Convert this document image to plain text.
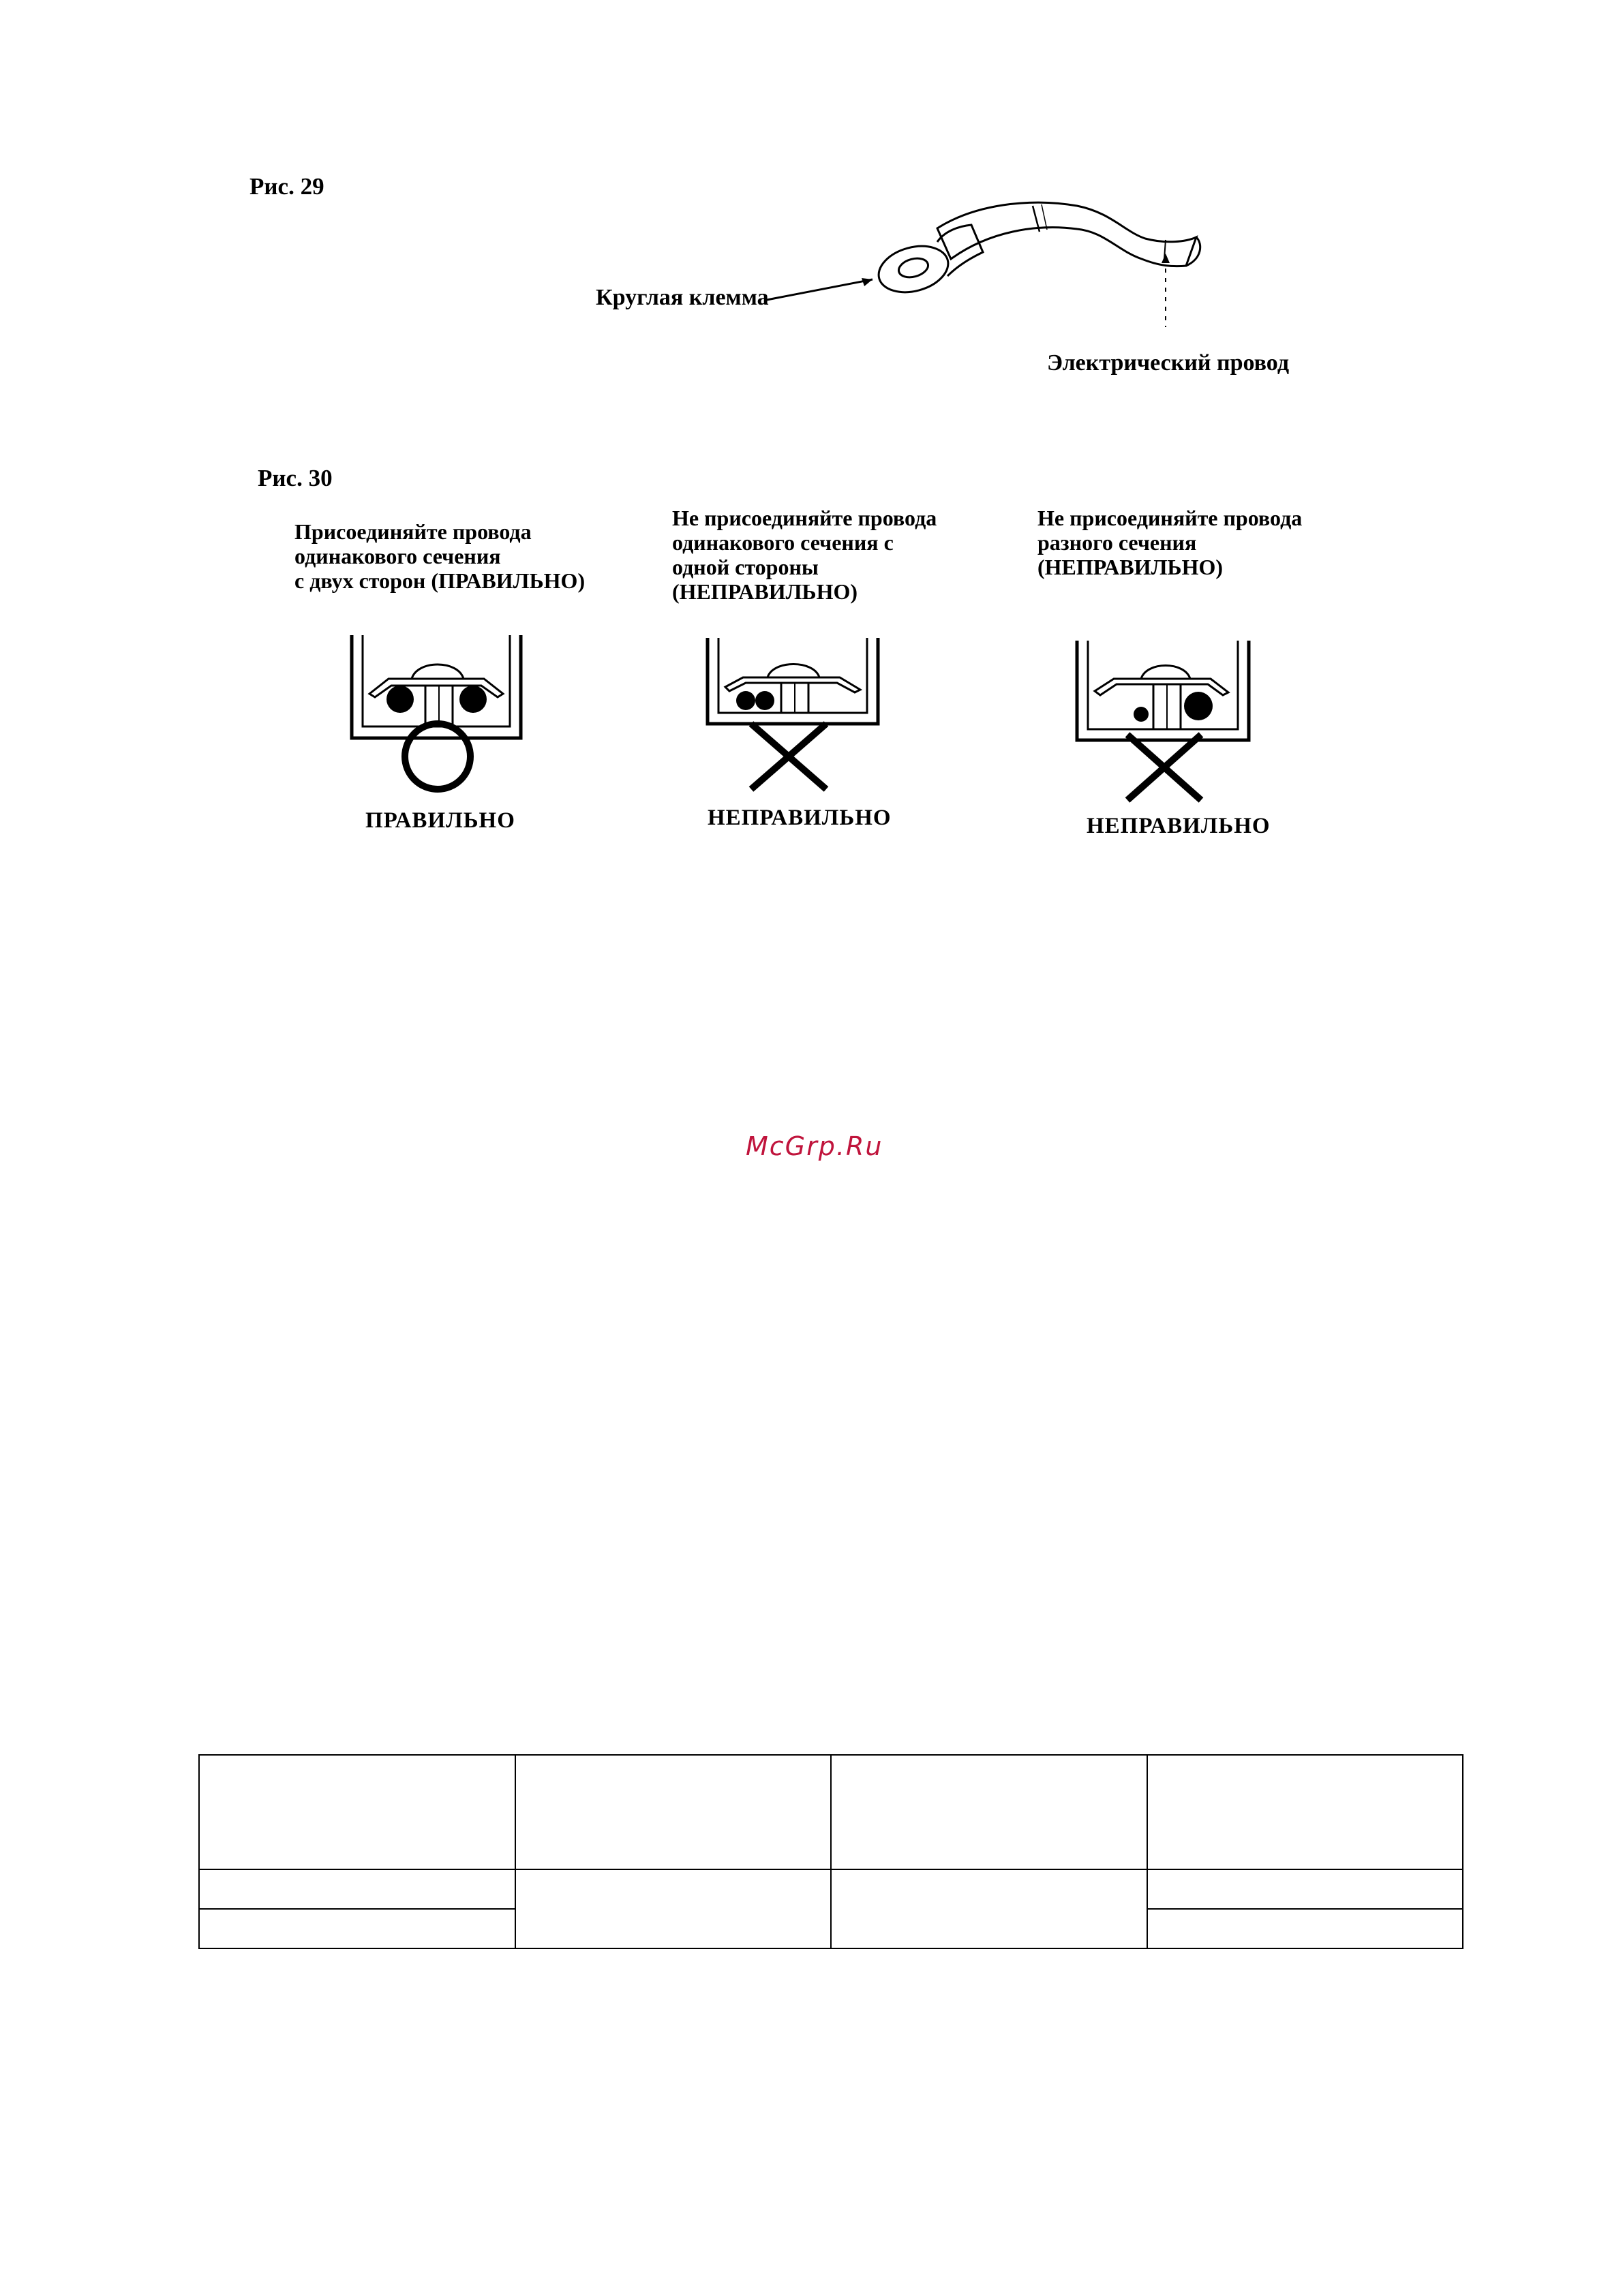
Рис. 29
Круглая клемма
Электрический провод
Рис. 30
Присоединяйте провода
одинакового сечения
с двух сторон (ПРАВИЛЬНО)
ПРАВИЛЬНО
Не присоединяйте провода
одинакового сечения с
одной стороны
(НЕПРАВИЛЬНО)
НЕПРАВИЛЬНО
Не присоединяйте провода
разного сечения
(НЕПРАВИЛЬНО)
НЕПРАВИЛЬНО
McGrp.Ru
